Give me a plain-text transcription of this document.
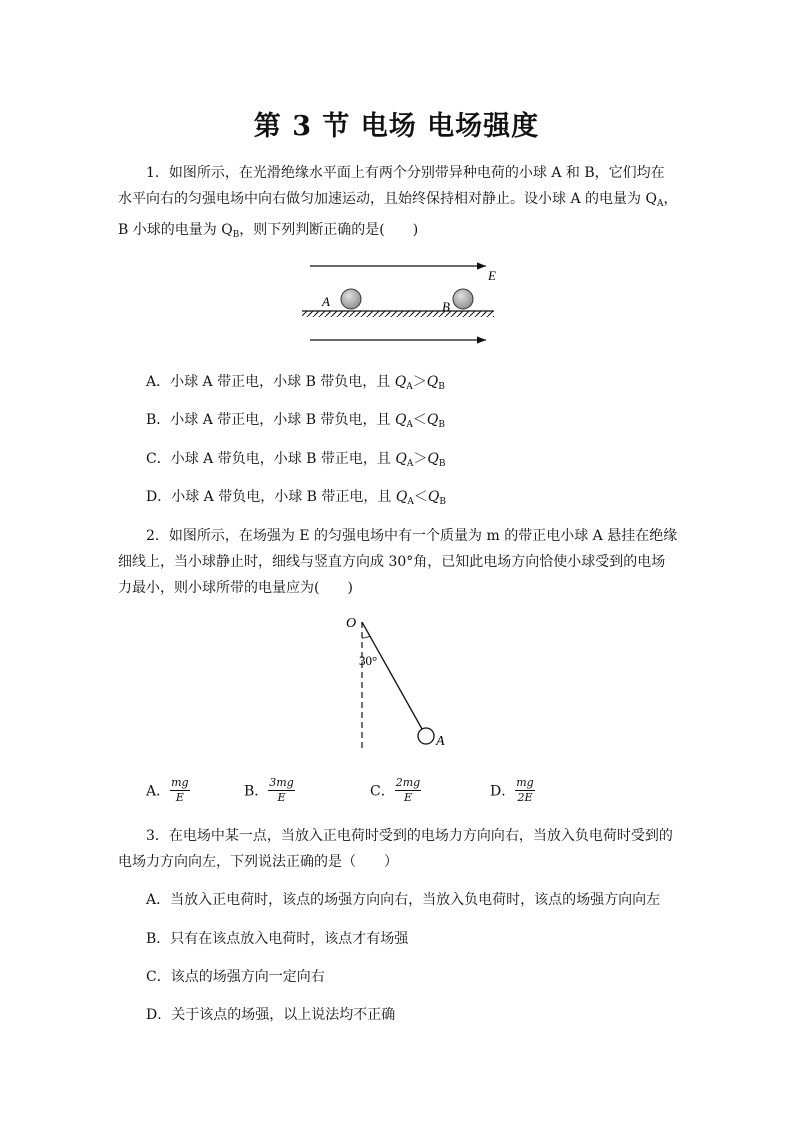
第 3 节 电场 电场强度

1．如图所示，在光滑绝缘水平面上有两个分别带异种电荷的小球 A 和 B，它们均在水平向右的匀强电场中向右做匀加速运动，且始终保持相对静止。设小球 A 的电量为 $Q_A$，B 小球的电量为 $Q_B$，则下列判断正确的是(　　)

E
A	B

A．小球 A 带正电，小球 B 带负电，且 $Q_A>Q_B$

B．小球 A 带正电，小球 B 带负电，且 $Q_A<Q_B$

C．小球 A 带负电，小球 B 带正电，且 $Q_A>Q_B$

D．小球 A 带负电，小球 B 带正电，且 $Q_A<Q_B$

2．如图所示，在场强为 E 的匀强电场中有一个质量为 m 的带正电小球 A 悬挂在绝缘细线上，当小球静止时，细线与竖直方向成 30°角，已知此电场方向恰使小球受到的电场力最小，则小球所带的电量应为(　　)

O
30°
A
A． $\frac{mg}{E}$	B． $\frac{3mg}{E}$	C． $\frac{2mg}{E}$	D． $\frac{mg}{2E}$

3．在电场中某一点，当放入正电荷时受到的电场力方向向右，当放入负电荷时受到的电场力方向向左，下列说法正确的是（　　）

A．当放入正电荷时，该点的场强方向向右，当放入负电荷时，该点的场强方向向左

B．只有在该点放入电荷时，该点才有场强

C．该点的场强方向一定向右

D．关于该点的场强，以上说法均不正确
